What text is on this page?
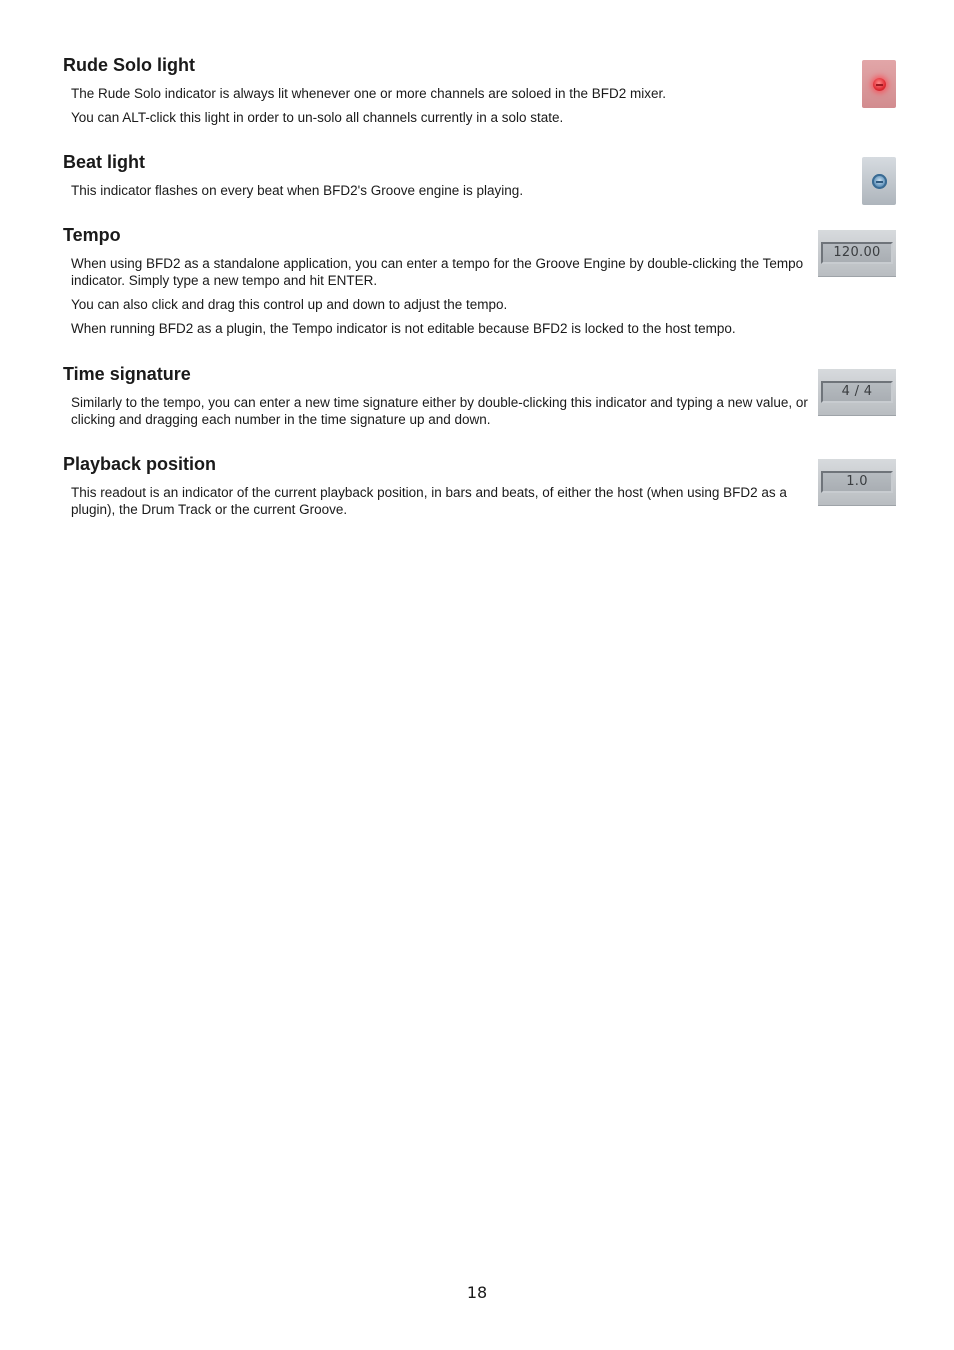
Rude Solo light

The Rude Solo indicator is always lit whenever one or more channels are soloed in the BFD2 mixer.

You can ALT-click this light in order to un-solo all channels currently in a solo state.

Beat light

This indicator flashes on every beat when BFD2's Groove engine is playing.

Tempo

When using BFD2 as a standalone application, you can enter a tempo for the Groove Engine by double-clicking the Tempo indicator. Simply type a new tempo and hit ENTER.

You can also click and drag this control up and down to adjust the tempo.

When running BFD2 as a plugin, the Tempo indicator is not editable because BFD2 is locked to the host tempo.

120.00
Time signature

Similarly to the tempo, you can enter a new time signature either by double-clicking this indicator and typing a new value, or clicking and dragging each number in the time signature up and down.

4 / 4
Playback position

This readout is an indicator of the current playback position, in bars and beats, of either the host (when using BFD2 as a plugin), the Drum Track or the current Groove.

1.0
18
